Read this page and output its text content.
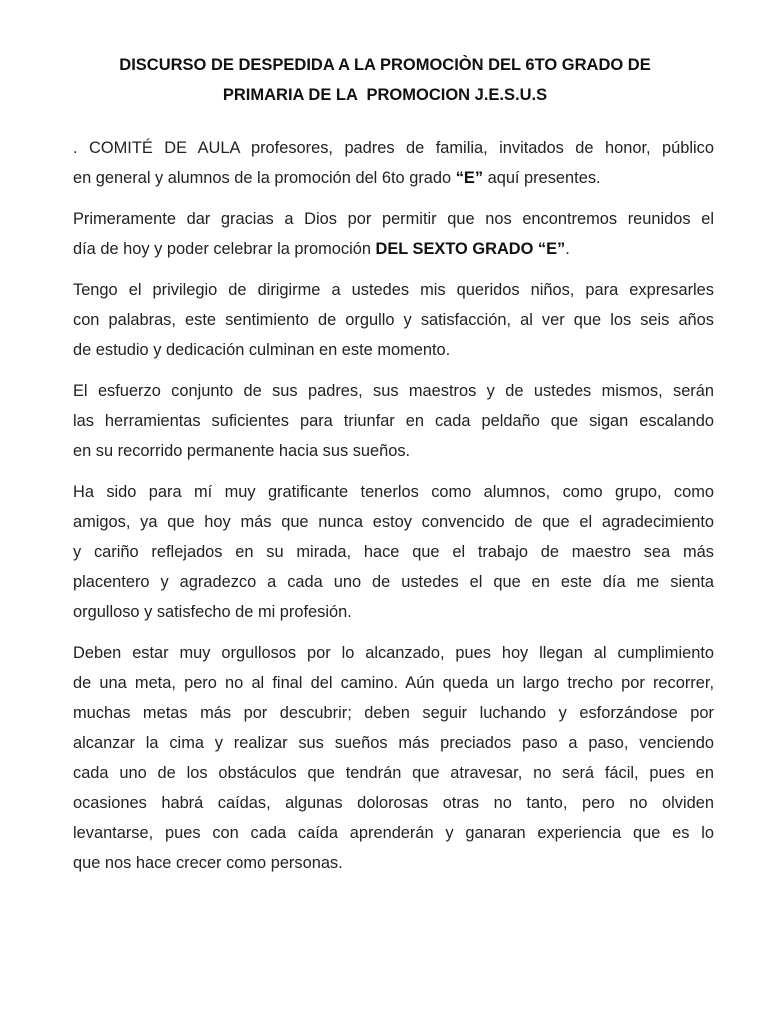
DISCURSO DE DESPEDIDA A LA PROMOCIÒN DEL 6TO GRADO DE
PRIMARIA DE LA  PROMOCION J.E.S.U.S

. COMITÉ DE AULA profesores, padres de familia, invitados de honor, público
en general y alumnos de la promoción del 6to grado “E” aquí presentes.

Primeramente dar gracias a Dios por permitir que nos encontremos reunidos el
día de hoy y poder celebrar la promoción DEL SEXTO GRADO “E”.

Tengo el privilegio de dirigirme a ustedes mis queridos niños, para expresarles
con palabras, este sentimiento de orgullo y satisfacción, al ver que los seis años
de estudio y dedicación culminan en este momento.

El esfuerzo conjunto de sus padres, sus maestros y de ustedes mismos, serán
las herramientas suficientes para triunfar en cada peldaño que sigan escalando
en su recorrido permanente hacia sus sueños.

Ha sido para mí muy gratificante tenerlos como alumnos, como grupo, como
amigos, ya que hoy más que nunca estoy convencido de que el agradecimiento
y cariño reflejados en su mirada, hace que el trabajo de maestro sea más
placentero y agradezco a cada uno de ustedes el que en este día me sienta
orgulloso y satisfecho de mi profesión.

Deben estar muy orgullosos por lo alcanzado, pues hoy llegan al cumplimiento
de una meta, pero no al final del camino. Aún queda un largo trecho por recorrer,
muchas metas más por descubrir; deben seguir luchando y esforzándose por
alcanzar la cima y realizar sus sueños más preciados paso a paso, venciendo
cada uno de los obstáculos que tendrán que atravesar, no será fácil, pues en
ocasiones habrá caídas, algunas dolorosas otras no tanto, pero no olviden
levantarse, pues con cada caída aprenderán y ganaran experiencia que es lo
que nos hace crecer como personas.
